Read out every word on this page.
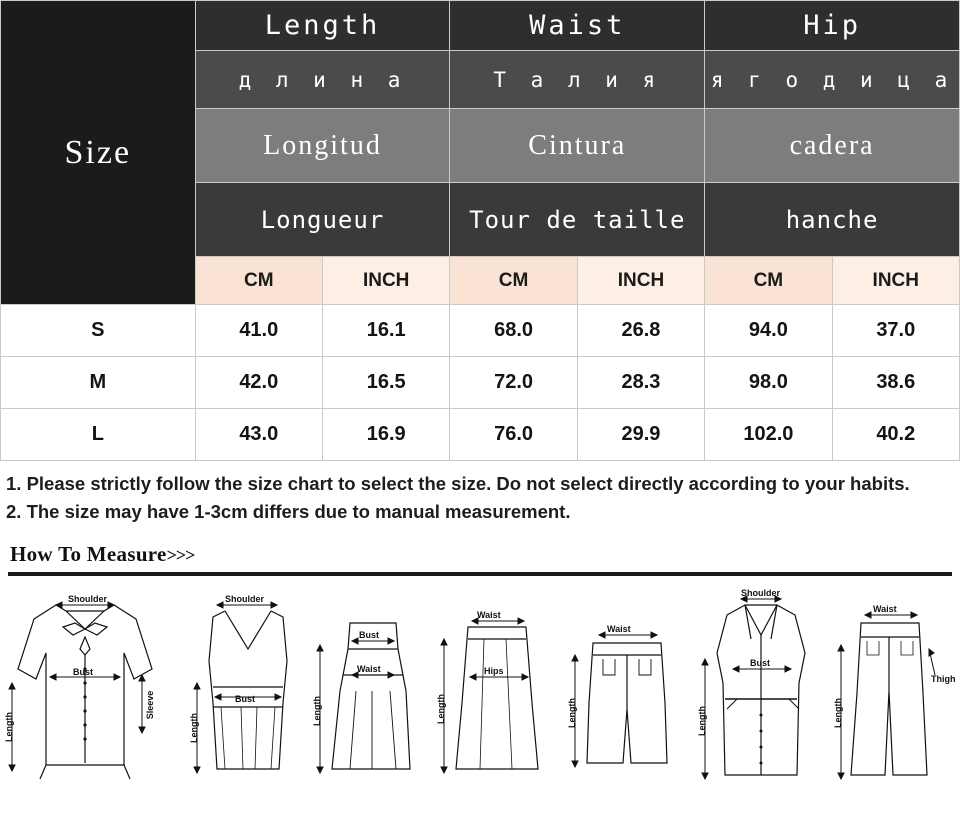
Size	Length		Waist		Hip	
	д л и н а		Т а л и я		я г о д и ц а	
	Longitud		Cintura		cadera	
	Longueur		Tour de taille		hanche	
	CM	INCH	CM	INCH	CM	INCH
S	41.0	16.1	68.0	26.8	94.0	37.0
M	42.0	16.5	72.0	28.3	98.0	38.6
L	43.0	16.9	76.0	29.9	102.0	40.2

1. Please strictly follow the size chart to select the size. Do not select directly according to your habits.

2. The size may have 1-3cm differs due to manual measurement.

How To Measure>>>
Shoulder
Bust
Sleeve
Length
Shoulder
Bust
Length
Bust
Waist
Length
Waist
Hips
Length
Waist
Length
Shoulder
Bust
Length
Waist
Thigh
Length
